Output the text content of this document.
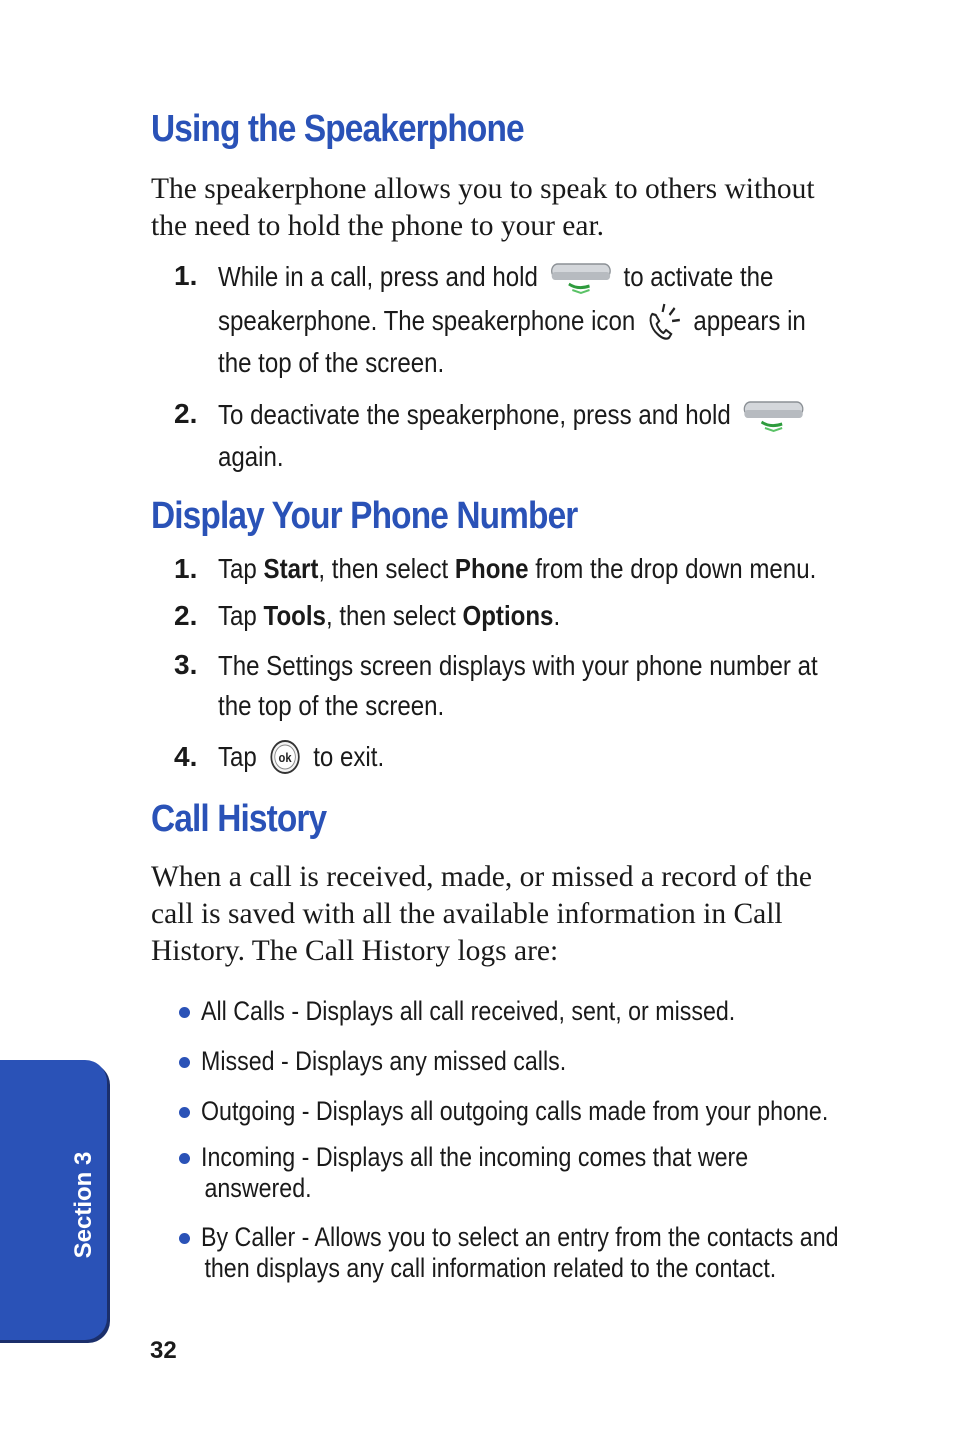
Using the Speakerphone
The speakerphone allows you to speak to others without
the need to hold the phone to your ear.
1. While in a call, press and hold	to activate the
speakerphone. The speakerphone icon appears in
the top of the screen.
2. To deactivate the speakerphone, press and hold
again.
Display Your Phone Number
1. Tap Start, then select Phone from the drop down menu.
2. Tap Tools, then select Options.
3. The Settings screen displays with your phone number at
the top of the screen.
4. Tap ok to exit.
Call History
When a call is received, made, or missed a record of the
call is saved with all the available information in Call
History. The Call History logs are:
All Calls - Displays all call received, sent, or missed.
Missed - Displays any missed calls.
Outgoing - Displays all outgoing calls made from your phone.
Incoming - Displays all the incoming comes that were
answered.
By Caller - Allows you to select an entry from the contacts and
then displays any call information related to the contact.
Section 3
32
